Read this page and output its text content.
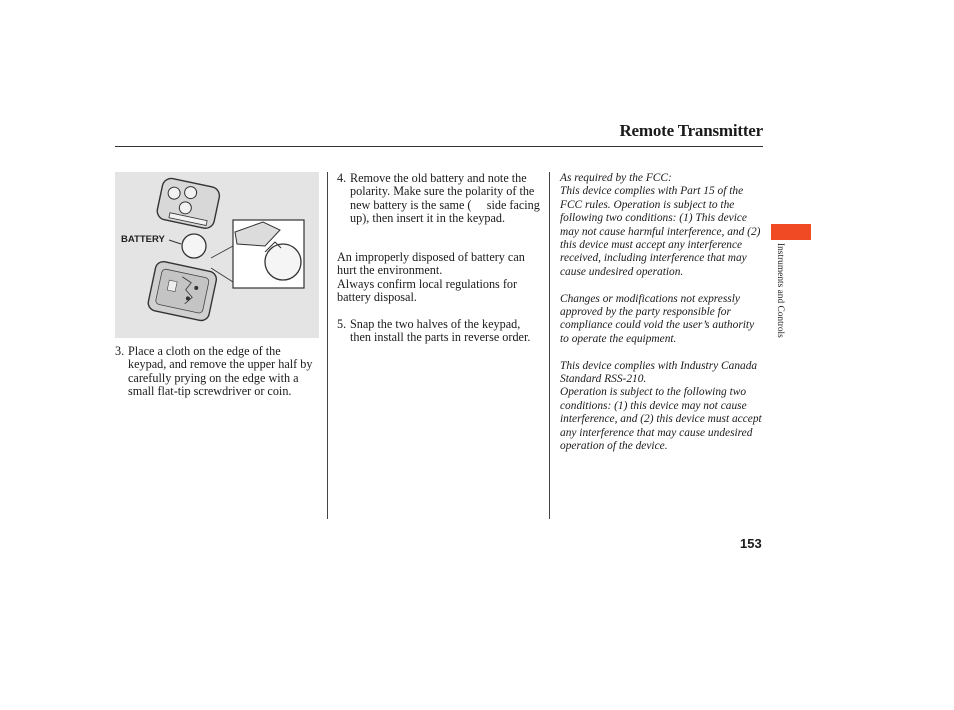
Remote Transmitter
BATTERY
3. Place a cloth on the edge of the keypad, and remove the upper half by carefully prying on the edge with a small flat-tip screwdriver or coin.
4. Remove the old battery and note the polarity. Make sure the polarity of the new battery is the same (     side facing up), then insert it in the keypad.
An improperly disposed of battery can hurt the environment.
Always confirm local regulations for battery disposal.
5. Snap the two halves of the keypad, then install the parts in reverse order.

As required by the FCC:

This device complies with Part 15 of the FCC rules. Operation is subject to the following two conditions: (1) This device may not cause harmful interference, and (2) this device must accept any interference received, including interference that may cause undesired operation.

Changes or modifications not expressly approved by the party responsible for compliance could void the user’s authority to operate the equipment.

This device complies with Industry Canada Standard RSS-210.

Operation is subject to the following two conditions: (1) this device may not cause interference, and (2) this device must accept any interference that may cause undesired operation of the device.

Instruments and Controls
153
